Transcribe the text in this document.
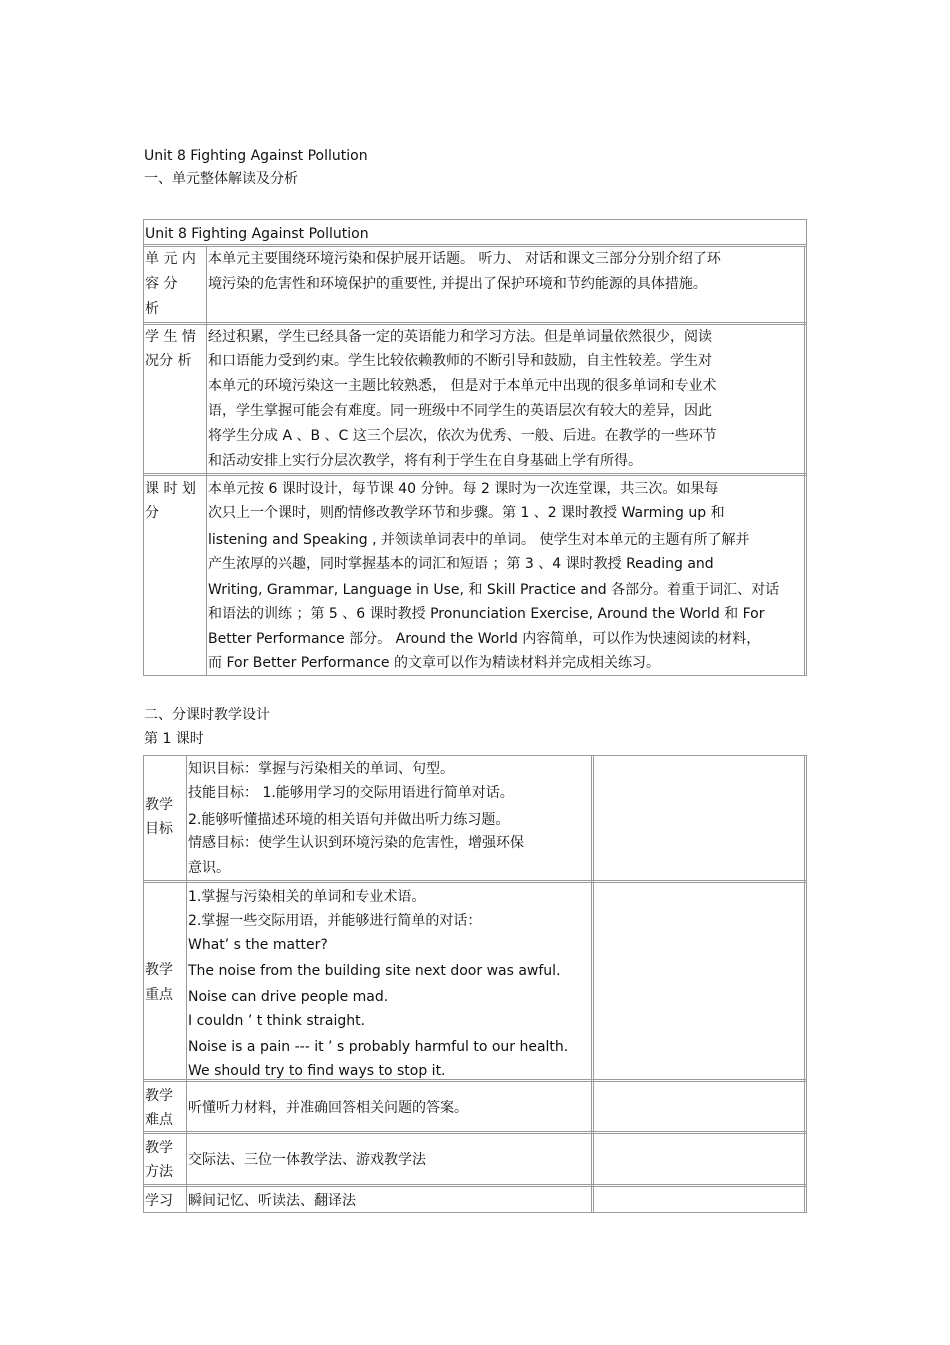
Unit 8 Fighting Against Pollution
一、单元整体解读及分析
Unit 8 Fighting Against Pollution
单 元 内
容 分
析
本单元主要围绕环境污染和保护展开话题。 听力、 对话和课文三部分分别介绍了环
境污染的危害性和环境保护的重要性, 并提出了保护环境和节约能源的具体措施。
学 生 情
况分 析
经过积累，学生已经具备一定的英语能力和学习方法。但是单词量依然很少，阅读
和口语能力受到约束。学生比较依赖教师的不断引导和鼓励，自主性较差。学生对
本单元的环境污染这一主题比较熟悉， 但是对于本单元中出现的很多单词和专业术
语，学生掌握可能会有难度。同一班级中不同学生的英语层次有较大的差异，因此
将学生分成 A 、B 、C 这三个层次，依次为优秀、一般、后进。在教学的一些环节
和活动安排上实行分层次教学，将有利于学生在自身基础上学有所得。
课 时 划
分
本单元按 6 课时设计，每节课 40 分钟。每 2 课时为一次连堂课，共三次。如果每
次只上一个课时，则酌情修改教学环节和步骤。第 1 、2 课时教授 Warming up 和
listening and Speaking , 并领读单词表中的单词。 使学生对本单元的主题有所了解并
产生浓厚的兴趣，同时掌握基本的词汇和短语 ；第 3 、4 课时教授 Reading and
Writing, Grammar, Language in Use, 和 Skill Practice and 各部分。着重于词汇、对话
和语法的训练 ；第 5 、6 课时教授 Pronunciation Exercise, Around the World 和 For
Better Performance 部分。 Around the World 内容简单，可以作为快速阅读的材料，
而 For Better Performance 的文章可以作为精读材料并完成相关练习。
二、分课时教学设计
第 1 课时
教学
目标
知识目标：掌握与污染相关的单词、句型。
技能目标： 1.能够用学习的交际用语进行简单对话。
2.能够听懂描述环境的相关语句并做出听力练习题。
情感目标：使学生认识到环境污染的危害性，增强环保
意识。
教学
重点
1.掌握与污染相关的单词和专业术语。
2.掌握一些交际用语，并能够进行简单的对话：
What’ s the matter?
The noise from the building site next door was awful.
Noise can drive people mad.
I couldn ’ t think straight.
Noise is a pain --- it ’ s probably harmful to our health.
We should try to find ways to stop it.
教学
难点
听懂听力材料，并准确回答相关问题的答案。
教学
方法
交际法、三位一体教学法、游戏教学法
学习 瞬间记忆、听读法、翻译法
